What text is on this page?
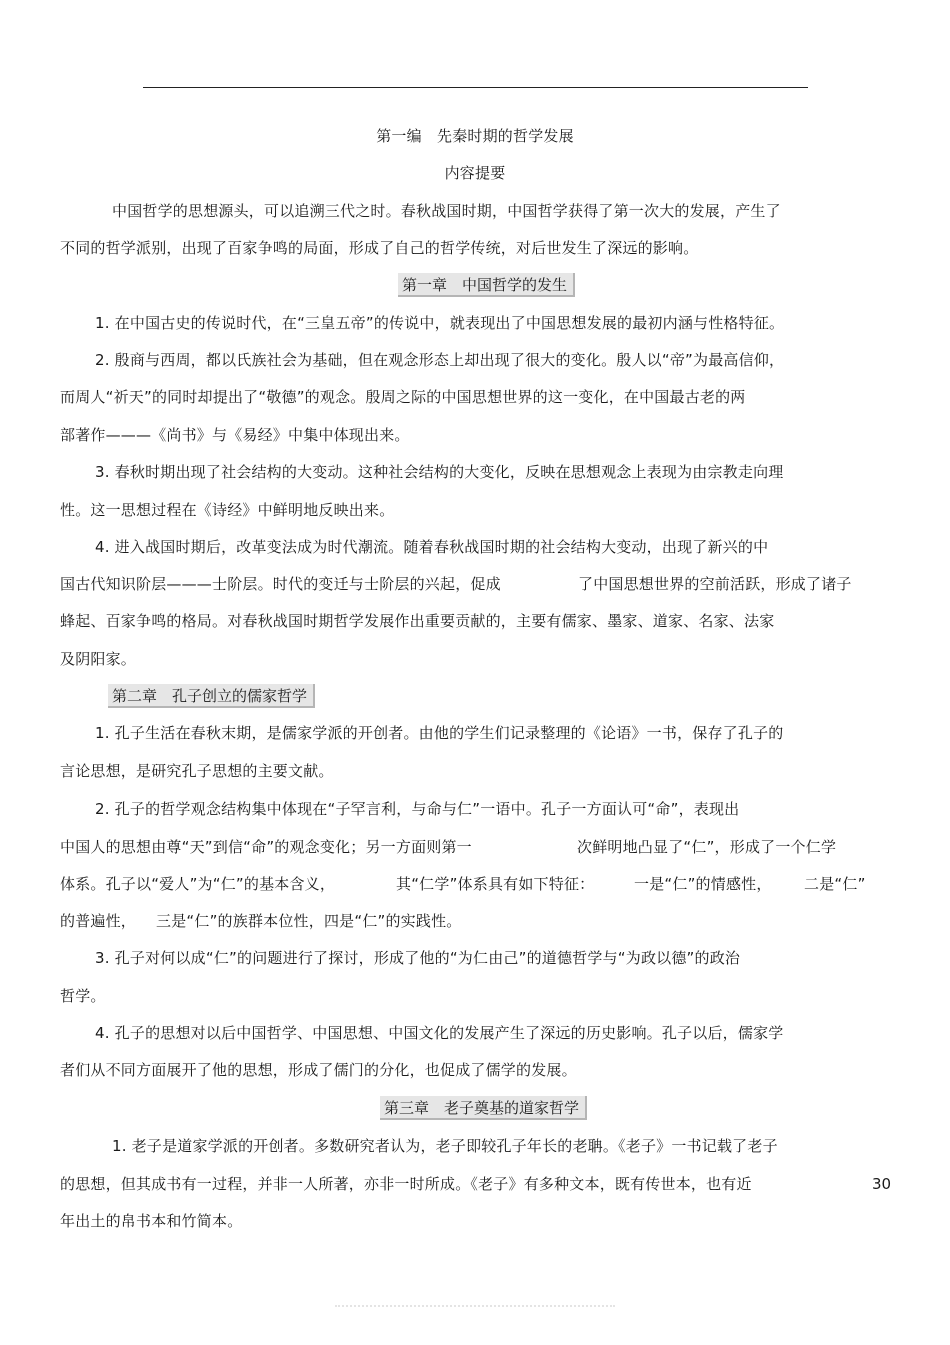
第一编　先秦时期的哲学发展
内容提要
中国哲学的思想源头，可以追溯三代之时。春秋战国时期，中国哲学获得了第一次大的发展，产生了
不同的哲学派别，出现了百家争鸣的局面，形成了自己的哲学传统，对后世发生了深远的影响。
第一章　中国哲学的发生
1. 在中国古史的传说时代，在“三皇五帝”的传说中，就表现出了中国思想发展的最初内涵与性格特征。
2. 殷商与西周，都以氏族社会为基础，但在观念形态上却出现了很大的变化。殷人以“帝”为最高信仰，
而周人“祈天”的同时却提出了“敬德”的观念。殷周之际的中国思想世界的这一变化，在中国最古老的两
部著作———《尚书》与《易经》中集中体现出来。
3. 春秋时期出现了社会结构的大变动。这种社会结构的大变化，反映在思想观念上表现为由宗教走向理
性。这一思想过程在《诗经》中鲜明地反映出来。
4. 进入战国时期后，改革变法成为时代潮流。随着春秋战国时期的社会结构大变动，出现了新兴的中
国古代知识阶层———士阶层。时代的变迁与士阶层的兴起，促成	了中国思想世界的空前活跃，形成了诸子
蜂起、百家争鸣的格局。对春秋战国时期哲学发展作出重要贡献的，主要有儒家、墨家、道家、名家、法家
及阴阳家。
第二章　孔子创立的儒家哲学
1. 孔子生活在春秋末期，是儒家学派的开创者。由他的学生们记录整理的《论语》一书，保存了孔子的
言论思想，是研究孔子思想的主要文献。
2. 孔子的哲学观念结构集中体现在“子罕言利，与命与仁”一语中。孔子一方面认可“命”，表现出
中国人的思想由尊“天”到信“命”的观念变化；另一方面则第一	次鲜明地凸显了“仁”，形成了一个仁学
体系。孔子以“爱人”为“仁”的基本含义，	其“仁学”体系具有如下特征：	一是“仁”的情感性， 二是“仁”
的普遍性， 三是“仁”的族群本位性，四是“仁”的实践性。
3. 孔子对何以成“仁”的问题进行了探讨，形成了他的“为仁由己”的道德哲学与“为政以德”的政治
哲学。
4. 孔子的思想对以后中国哲学、中国思想、中国文化的发展产生了深远的历史影响。孔子以后，儒家学
者们从不同方面展开了他的思想，形成了儒门的分化，也促成了儒学的发展。
第三章　老子奠基的道家哲学
1. 老子是道家学派的开创者。多数研究者认为，老子即较孔子年长的老聃。《老子》一书记载了老子
的思想，但其成书有一过程，并非一人所著，亦非一时所成。《老子》有多种文本，既有传世本，也有近
年出土的帛书本和竹简本。
30
